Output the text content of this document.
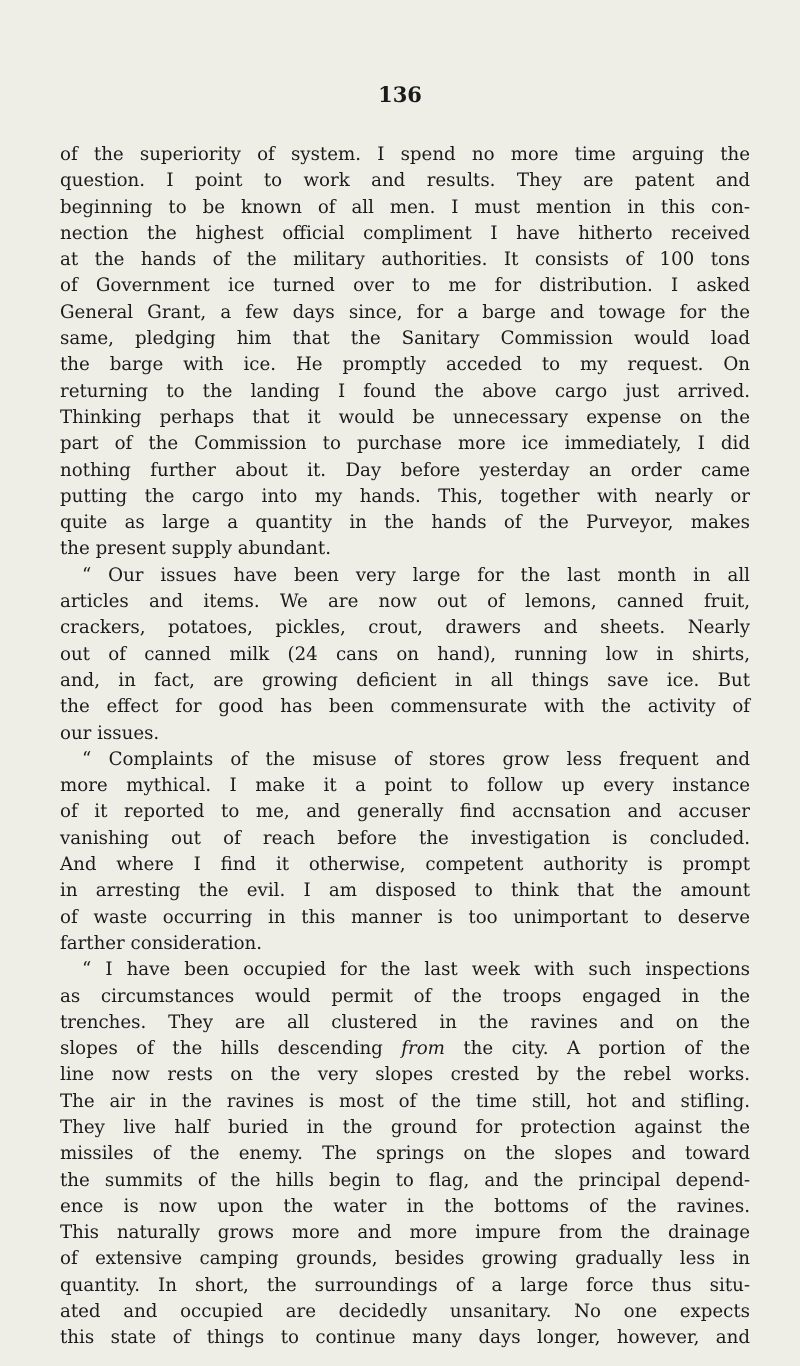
136
of the superiority of system. I spend no more time arguing the
question. I point to work and results. They are patent and
beginning to be known of all men. I must mention in this con-
nection the highest official compliment I have hitherto received
at the hands of the military authorities. It consists of 100 tons
of Government ice turned over to me for distribution. I asked
General Grant, a few days since, for a barge and towage for the
same, pledging him that the Sanitary Commission would load
the barge with ice. He promptly acceded to my request. On
returning to the landing I found the above cargo just arrived.
Thinking perhaps that it would be unnecessary expense on the
part of the Commission to purchase more ice immediately, I did
nothing further about it. Day before yesterday an order came
putting the cargo into my hands. This, together with nearly or
quite as large a quantity in the hands of the Purveyor, makes
the present supply abundant.
“ Our issues have been very large for the last month in all
articles and items. We are now out of lemons, canned fruit,
crackers, potatoes, pickles, crout, drawers and sheets. Nearly
out of canned milk (24 cans on hand), running low in shirts,
and, in fact, are growing deficient in all things save ice. But
the effect for good has been commensurate with the activity of
our issues.
“ Complaints of the misuse of stores grow less frequent and
more mythical. I make it a point to follow up every instance
of it reported to me, and generally find accnsation and accuser
vanishing out of reach before the investigation is concluded.
And where I find it otherwise, competent authority is prompt
in arresting the evil. I am disposed to think that the amount
of waste occurring in this manner is too unimportant to deserve
farther consideration.
“ I have been occupied for the last week with such inspections
as circumstances would permit of the troops engaged in the
trenches. They are all clustered in the ravines and on the
slopes of the hills descending from the city. A portion of the
line now rests on the very slopes crested by the rebel works.
The air in the ravines is most of the time still, hot and stifling.
They live half buried in the ground for protection against the
missiles of the enemy. The springs on the slopes and toward
the summits of the hills begin to flag, and the principal depend-
ence is now upon the water in the bottoms of the ravines.
This naturally grows more and more impure from the drainage
of extensive camping grounds, besides growing gradually less in
quantity. In short, the surroundings of a large force thus situ-
ated and occupied are decidedly unsanitary. No one expects
this state of things to continue many days longer, however, and
